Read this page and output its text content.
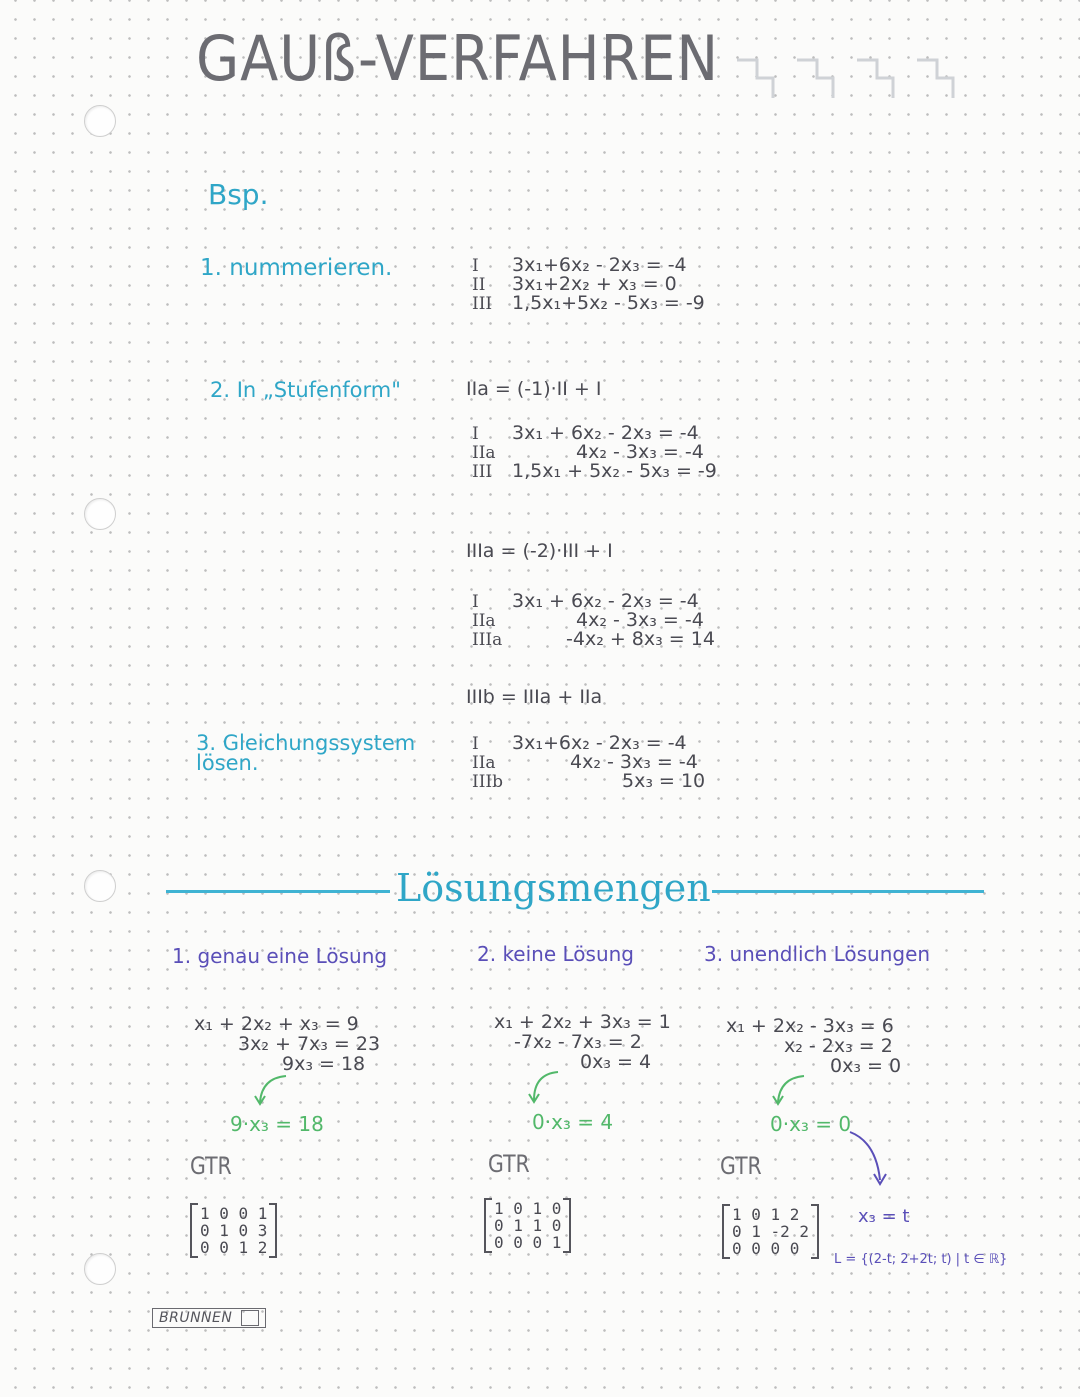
GAUß-VERFAHREN
Bsp.
1. nummerieren.
2. In „Stufenform"
3. Gleichungssystem lösen.
I	3x₁+6x₂ - 2x₃ = -4
II	3x₁+2x₂ + x₃ = 0
III	1,5x₁+5x₂ - 5x₃ = -9
IIa = (-1)·II + I
I	3x₁ + 6x₂ - 2x₃ = -4
IIa	4x₂ - 3x₃ = -4
III	1,5x₁ + 5x₂ - 5x₃ = -9
IIIa = (-2)·III + I
I	3x₁ + 6x₂ - 2x₃ = -4
IIa	4x₂ - 3x₃ = -4
IIIa	-4x₂ + 8x₃ = 14
IIIb = IIIa + IIa
I	3x₁+6x₂ - 2x₃ = -4
IIa	4x₂ - 3x₃ = -4
IIIb	5x₃ = 10
Lösungsmengen
1. genau eine Lösung	2. keine Lösung	3. unendlich Lösungen
x₁ + 2x₂ + x₃ = 9
3x₂ + 7x₃ = 23
9x₃ = 18
9·x₃ = 18
GTR
1 0 0 1
0 1 0 3
0 0 1 2
x₁ + 2x₂ + 3x₃ = 1
-7x₂ - 7x₃ = 2
0x₃ = 4
0·x₃ = 4
GTR
1 0 1 0
0 1 1 0
0 0 0 1
x₁ + 2x₂ - 3x₃ = 6
x₂ - 2x₃ = 2
0x₃ = 0
0·x₃ = 0
GTR
1 0 1 2
0 1 -2 2
0 0 0 0
x₃ = t
L = {(2-t; 2+2t; t) | t ∈ ℝ}
BRUNNEN
